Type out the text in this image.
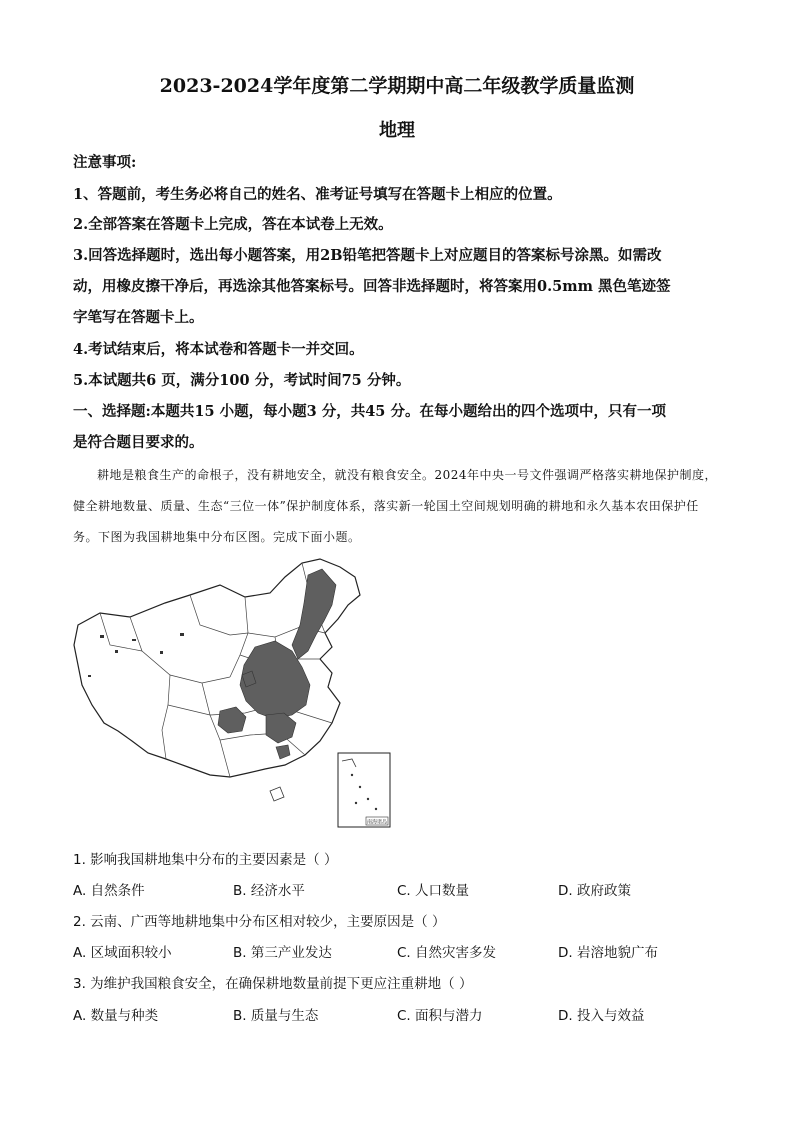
2023-2024学年度第二学期期中高二年级教学质量监测
地理
注意事项:
1、答题前，考生务必将自己的姓名、准考证号填写在答题卡上相应的位置。
2.全部答案在答题卡上完成，答在本试卷上无效。
3.回答选择题时，选出每小题答案，用2B铅笔把答题卡上对应题目的答案标号涂黑。如需改
动，用橡皮擦干净后，再选涂其他答案标号。回答非选择题时，将答案用0.5mm 黑色笔迹签
字笔写在答题卡上。
4.考试结束后，将本试卷和答题卡一并交回。
5.本试题共6 页，满分100 分，考试时间75 分钟。
一、选择题:本题共15 小题，每小题3 分，共45 分。在每小题给出的四个选项中，只有一项
是符合题目要求的。

耕地是粮食生产的命根子，没有耕地安全，就没有粮食安全。2024年中央一号文件强调严格落实耕地保护制度，健全耕地数量、质量、生态“三位一体”保护制度体系，落实新一轮国土空间规划明确的耕地和永久基本农田保护任务。下图为我国耕地集中分布区图。完成下面小题。

南海诸岛
1. 影响我国耕地集中分布的主要因素是（ ）
A. 自然条件	B. 经济水平	C. 人口数量	D. 政府政策
2. 云南、广西等地耕地集中分布区相对较少，主要原因是（ ）
A. 区域面积较小	B. 第三产业发达	C. 自然灾害多发	D. 岩溶地貌广布
3. 为维护我国粮食安全，在确保耕地数量前提下更应注重耕地（ ）
A. 数量与种类	B. 质量与生态	C. 面积与潜力	D. 投入与效益
